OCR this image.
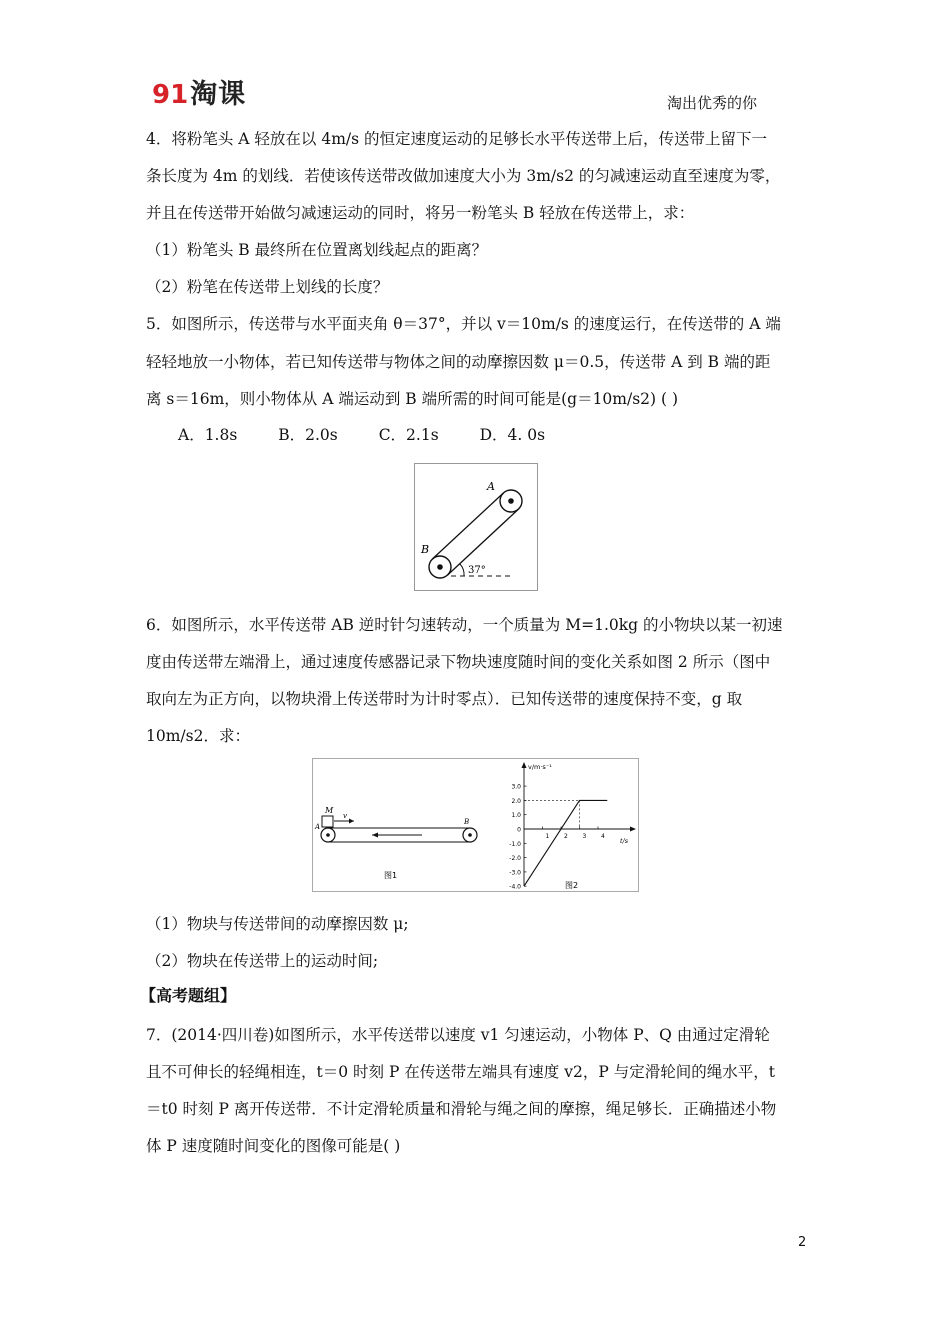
91淘课	淘出优秀的你
4．将粉笔头 A 轻放在以 4m/s 的恒定速度运动的足够长水平传送带上后，传送带上留下一
条长度为 4m 的划线．若使该传送带改做加速度大小为 3m/s2 的匀减速运动直至速度为零，
并且在传送带开始做匀减速运动的同时，将另一粉笔头 B 轻放在传送带上，求：
（1）粉笔头 B 最终所在位置离划线起点的距离？
（2）粉笔在传送带上划线的长度？
5．如图所示，传送带与水平面夹角 θ＝37°，并以 v＝10m/s 的速度运行，在传送带的 A 端
轻轻地放一小物体，若已知传送带与物体之间的动摩擦因数 μ＝0.5，传送带 A 到 B 端的距
离 s＝16m，则小物体从 A 端运动到 B 端所需的时间可能是(g＝10m/s2) ( )
A．1.8s	B．2.0s	C．2.1s	D．4. 0s
A
B
37°
6．如图所示，水平传送带 AB 逆时针匀速转动，一个质量为 M=1.0kg 的小物块以某一初速
度由传送带左端滑上，通过速度传感器记录下物块速度随时间的变化关系如图 2 所示（图中
取向左为正方向，以物块滑上传送带时为计时零点）．已知传送带的速度保持不变，g 取
10m/s2．求：
M
v
A
B
图1
v/m·s⁻¹
t/s
3.0
2.0
1.0
0
-1.0
-2.0
-3.0
-4.0
1 2 3 4
图2
（1）物块与传送带间的动摩擦因数 μ;
（2）物块在传送带上的运动时间;
【高考题组】
7．(2014·四川卷)如图所示，水平传送带以速度 v1 匀速运动，小物体 P、Q 由通过定滑轮
且不可伸长的轻绳相连，t＝0 时刻 P 在传送带左端具有速度 v2，P 与定滑轮间的绳水平，t
＝t0 时刻 P 离开传送带．不计定滑轮质量和滑轮与绳之间的摩擦，绳足够长．正确描述小物
体 P 速度随时间变化的图像可能是( )
2
